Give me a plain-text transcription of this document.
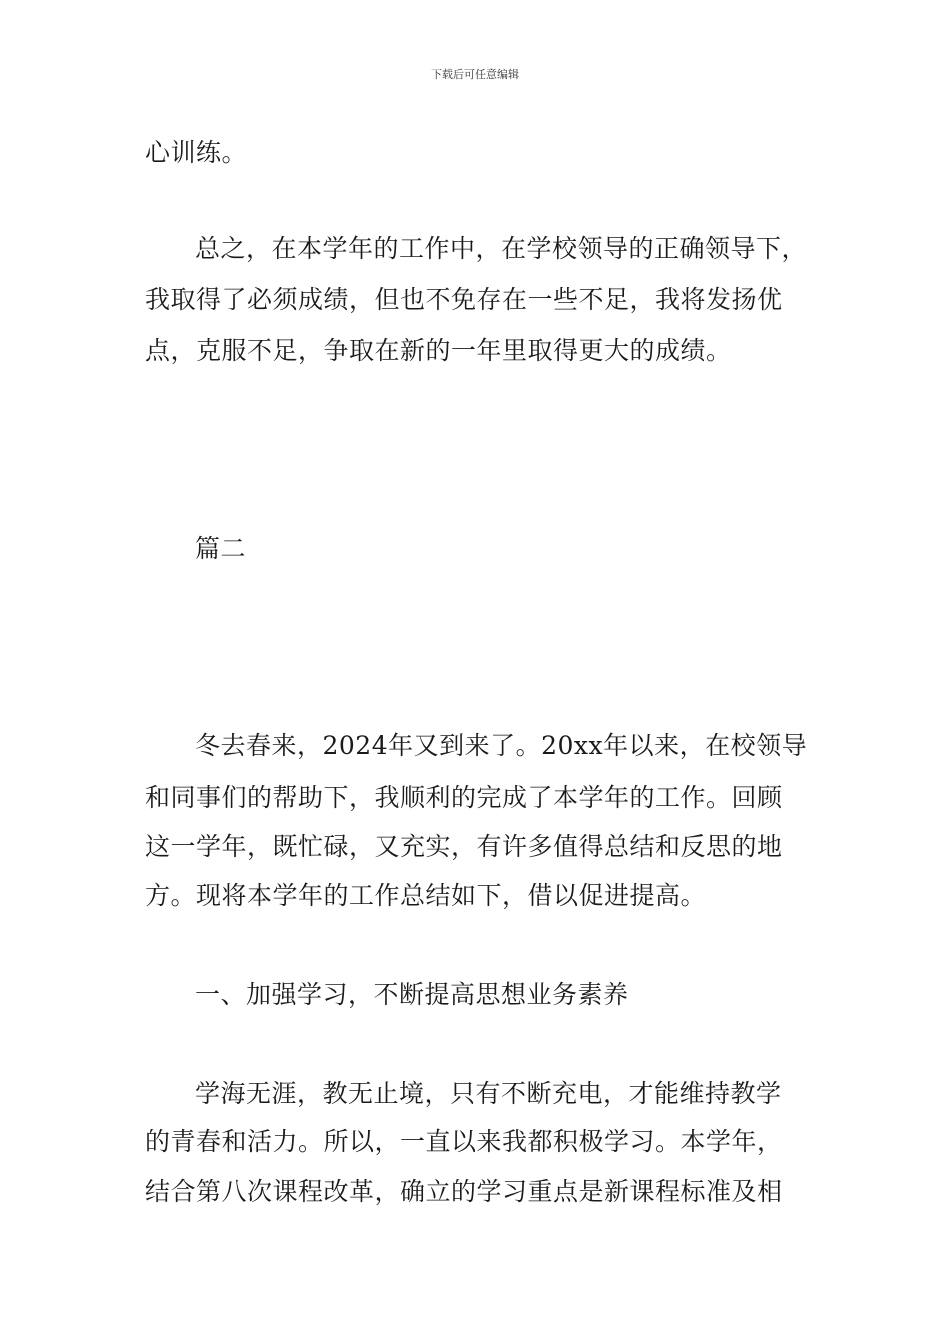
下载后可任意编辑
心训练。
总之，在本学年的工作中，在学校领导的正确领导下，
我取得了必须成绩，但也不免存在一些不足，我将发扬优
点，克服不足，争取在新的一年里取得更大的成绩。
篇二
冬去春来，2024年又到来了。20xx年以来，在校领导
和同事们的帮助下，我顺利的完成了本学年的工作。回顾
这一学年，既忙碌，又充实，有许多值得总结和反思的地
方。现将本学年的工作总结如下，借以促进提高。
一、加强学习，不断提高思想业务素养
学海无涯，教无止境，只有不断充电，才能维持教学
的青春和活力。所以，一直以来我都积极学习。本学年，
结合第八次课程改革，确立的学习重点是新课程标准及相
